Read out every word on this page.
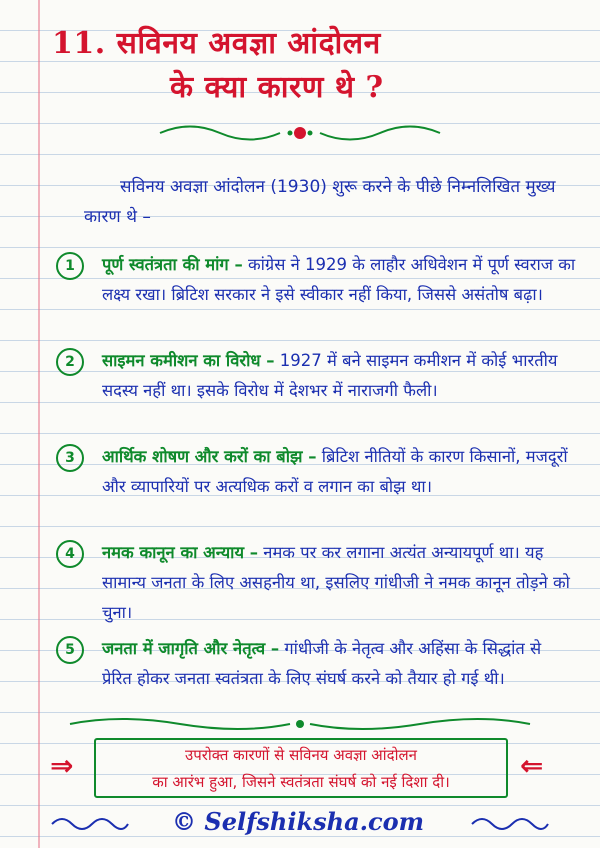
11. सविनय अवज्ञा आंदोलन
के क्या कारण थे ?
सविनय अवज्ञा आंदोलन (1930) शुरू करने के पीछे निम्नलिखित मुख्य कारण थे –
1	पूर्ण स्वतंत्रता की मांग – कांग्रेस ने 1929 के लाहौर अधिवेशन में पूर्ण स्वराज का लक्ष्य रखा। ब्रिटिश सरकार ने इसे स्वीकार नहीं किया, जिससे असंतोष बढ़ा।
2	साइमन कमीशन का विरोध – 1927 में बने साइमन कमीशन में कोई भारतीय सदस्य नहीं था। इसके विरोध में देशभर में नाराजगी फैली।
3	आर्थिक शोषण और करों का बोझ – ब्रिटिश नीतियों के कारण किसानों, मजदूरों और व्यापारियों पर अत्यधिक करों व लगान का बोझ था।
4	नमक कानून का अन्याय – नमक पर कर लगाना अत्यंत अन्यायपूर्ण था। यह सामान्य जनता के लिए असहनीय था, इसलिए गांधीजी ने नमक कानून तोड़ने को चुना।
5	जनता में जागृति और नेतृत्व – गांधीजी के नेतृत्व और अहिंसा के सिद्धांत से प्रेरित होकर जनता स्वतंत्रता के लिए संघर्ष करने को तैयार हो गई थी।
⇒	उपरोक्त कारणों से सविनय अवज्ञा आंदोलन
का आरंभ हुआ, जिसने स्वतंत्रता संघर्ष को नई दिशा दी।	⇐
© Selfshiksha.com
